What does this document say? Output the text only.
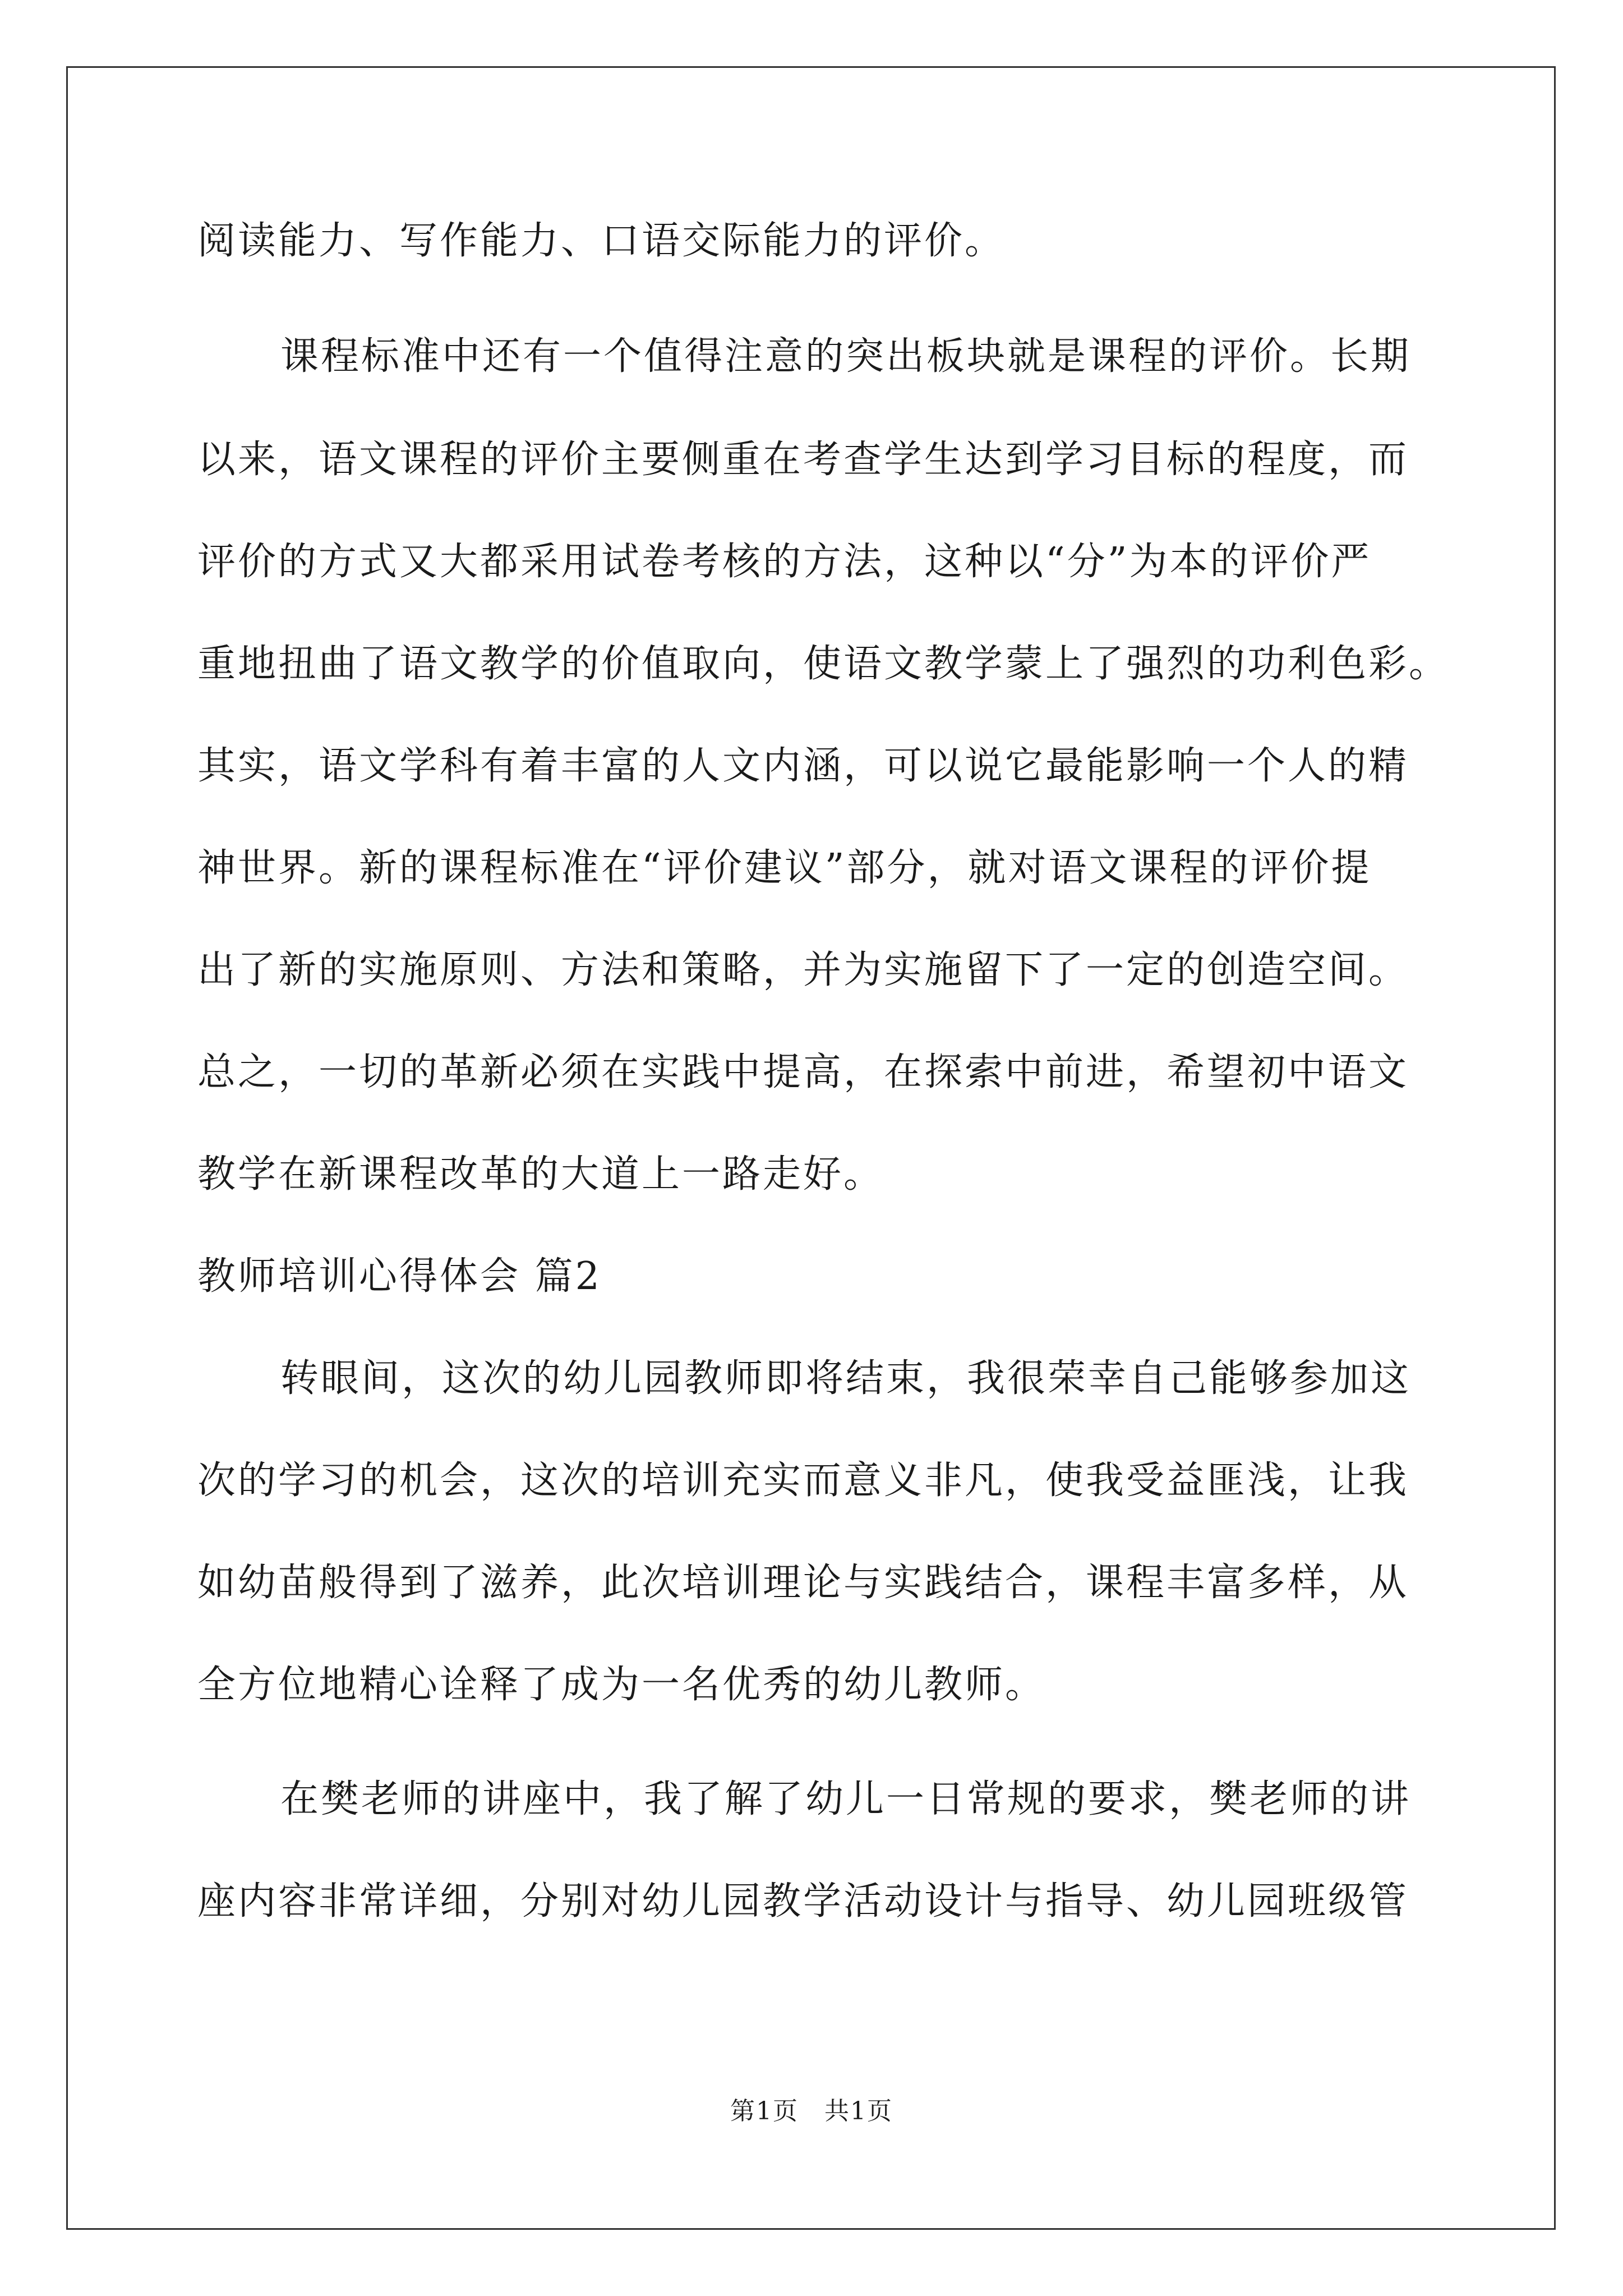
阅读能力、写作能力、口语交际能力的评价。
课程标准中还有一个值得注意的突出板块就是课程的评价。长期
以来，语文课程的评价主要侧重在考查学生达到学习目标的程度，而
评价的方式又大都采用试卷考核的方法，这种以“分”为本的评价严
重地扭曲了语文教学的价值取向，使语文教学蒙上了强烈的功利色彩。
其实，语文学科有着丰富的人文内涵，可以说它最能影响一个人的精
神世界。新的课程标准在“评价建议”部分，就对语文课程的评价提
出了新的实施原则、方法和策略，并为实施留下了一定的创造空间。
总之，一切的革新必须在实践中提高，在探索中前进，希望初中语文
教学在新课程改革的大道上一路走好。
教师培训心得体会 篇2
转眼间，这次的幼儿园教师即将结束，我很荣幸自己能够参加这
次的学习的机会，这次的培训充实而意义非凡，使我受益匪浅，让我
如幼苗般得到了滋养，此次培训理论与实践结合，课程丰富多样，从
全方位地精心诠释了成为一名优秀的幼儿教师。
在樊老师的讲座中，我了解了幼儿一日常规的要求，樊老师的讲
座内容非常详细，分别对幼儿园教学活动设计与指导、幼儿园班级管
第1页　共1页
